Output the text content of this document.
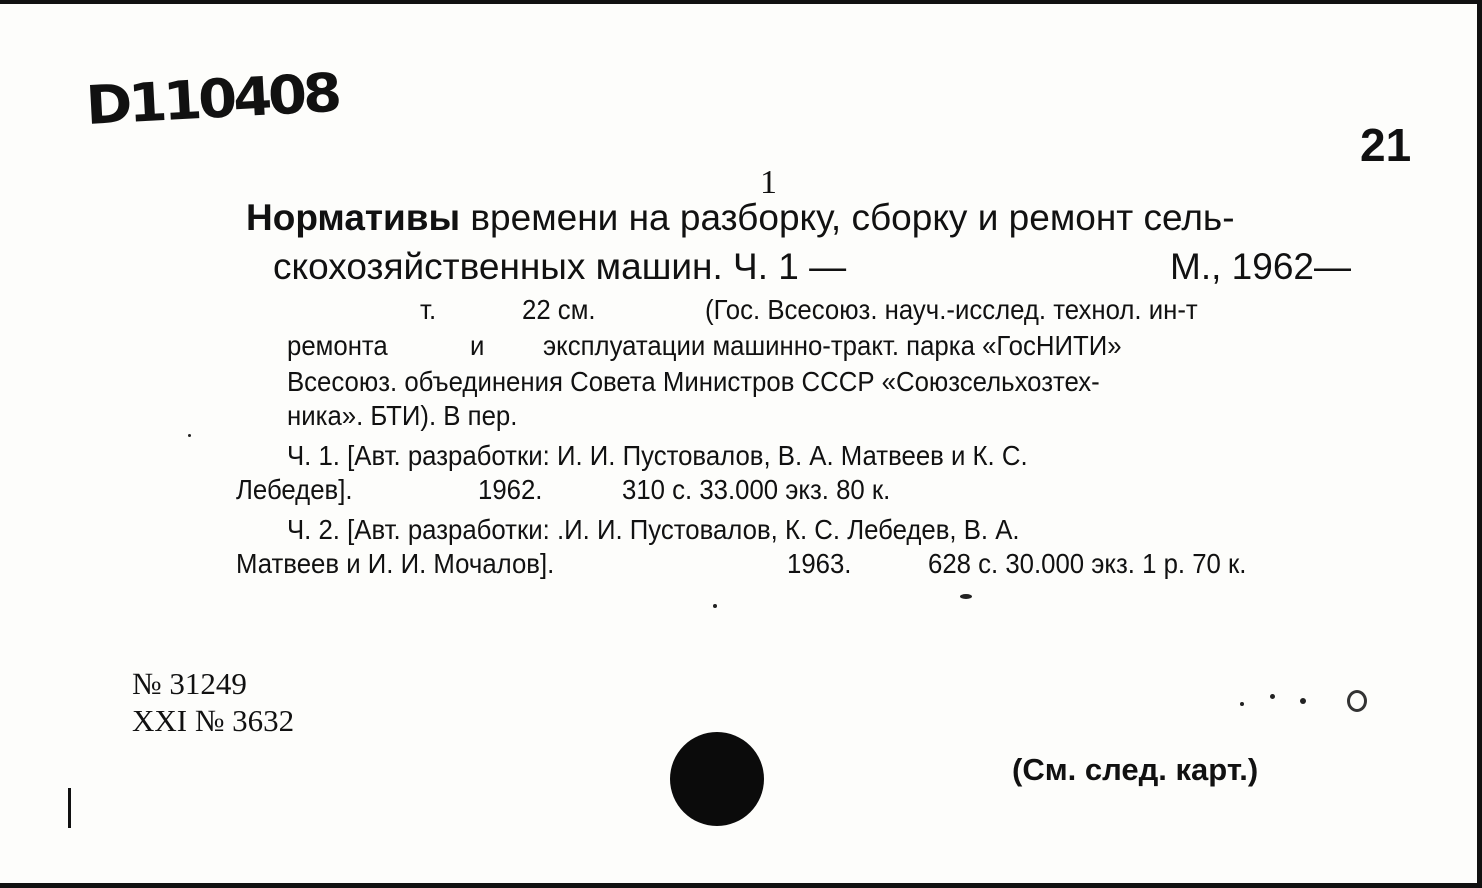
D110408
21
1
Нормативы времени на разборку, сборку и ремонт сель-
скохозяйственных машин. Ч. 1 —	М., 1962—
т.	22 см.	(Гос. Всесоюз. науч.-исслед. технол. ин-т
ремонта	и эксплуатации машинно-тракт. парка «ГосНИТИ»
Всесоюз. объединения Совета Министров СССР «Союзсельхозтех-
ника». БТИ). В пер.
Ч. 1. [Авт. разработки: И. И. Пустовалов, В. А. Матвеев и К. С.
Лебедев].	1962.	310 с. 33.000 экз. 80 к.
Ч. 2. [Авт. разработки: .И. И. Пустовалов, К. С. Лебедев, В. А.
Матвеев и И. И. Мочалов].	1963.	628 с. 30.000 экз. 1 р. 70 к.
№ 31249
XXI № 3632
(См. след. карт.)
